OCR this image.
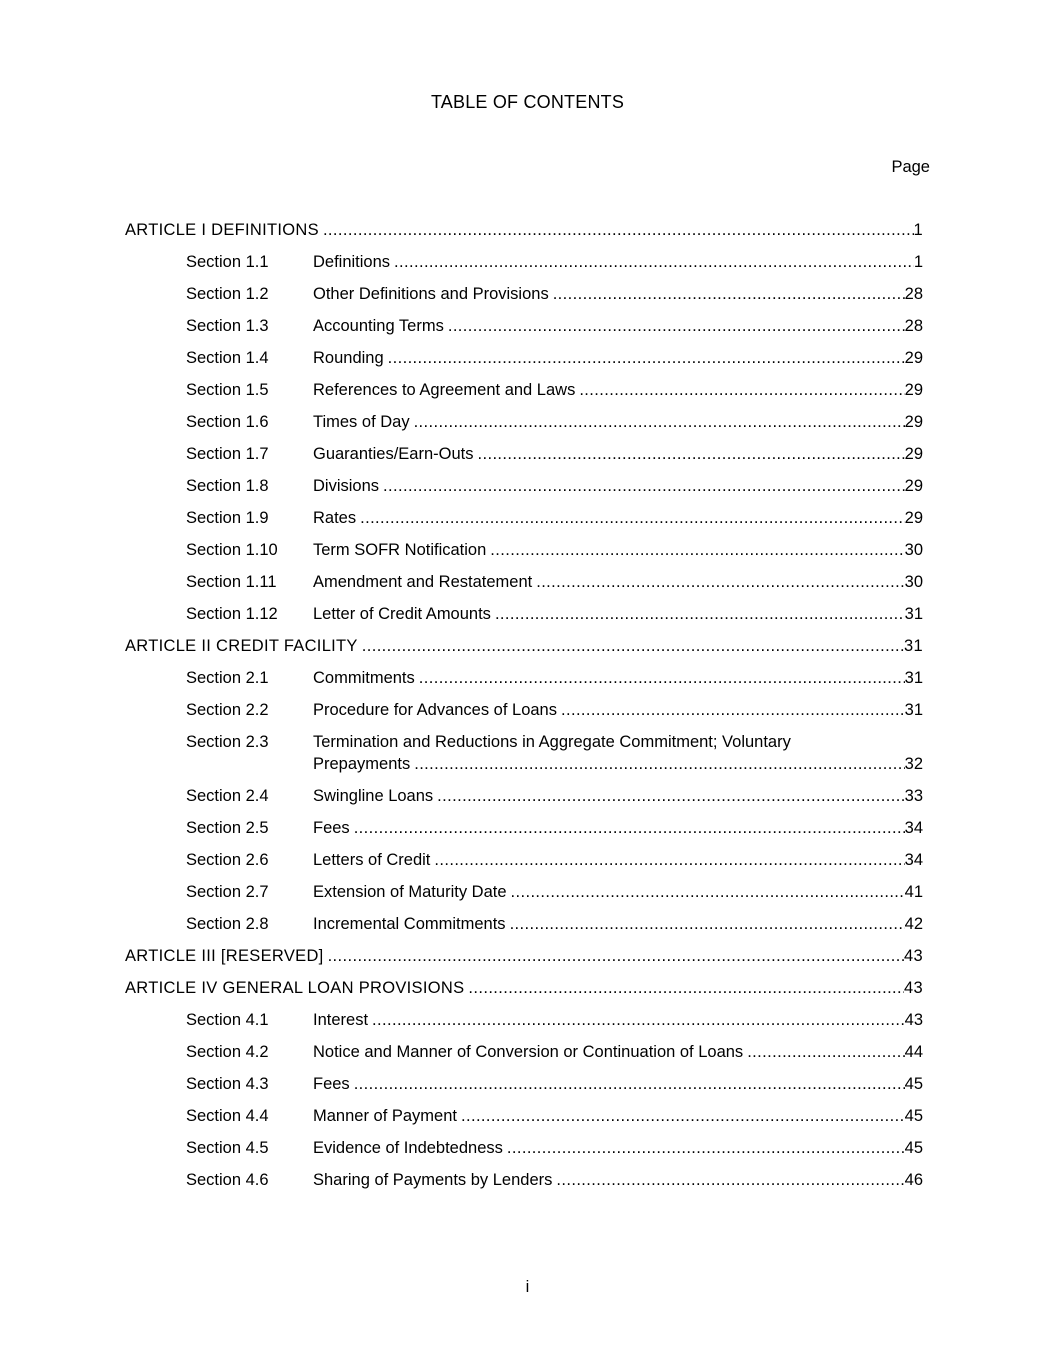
TABLE OF CONTENTS
Page
ARTICLE I DEFINITIONS .....	1
Section 1.1	Definitions .....	1
Section 1.2	Other Definitions and Provisions .....	28
Section 1.3	Accounting Terms .....	28
Section 1.4	Rounding .....	29
Section 1.5	References to Agreement and Laws .....	29
Section 1.6	Times of Day .....	29
Section 1.7	Guaranties/Earn-Outs .....	29
Section 1.8	Divisions .....	29
Section 1.9	Rates .....	29
Section 1.10	Term SOFR Notification .....	30
Section 1.11	Amendment and Restatement .....	30
Section 1.12	Letter of Credit Amounts .....	31
ARTICLE II CREDIT FACILITY .....	31
Section 2.1	Commitments .....	31
Section 2.2	Procedure for Advances of Loans .....	31
Section 2.3	Termination and Reductions in Aggregate Commitment; Voluntary
Prepayments .....	32
Section 2.4	Swingline Loans .....	33
Section 2.5	Fees .....	34
Section 2.6	Letters of Credit .....	34
Section 2.7	Extension of Maturity Date .....	41
Section 2.8	Incremental Commitments .....	42
ARTICLE III [RESERVED] .....	43
ARTICLE IV GENERAL LOAN PROVISIONS .....	43
Section 4.1	Interest .....	43
Section 4.2	Notice and Manner of Conversion or Continuation of Loans .....	44
Section 4.3	Fees .....	45
Section 4.4	Manner of Payment .....	45
Section 4.5	Evidence of Indebtedness .....	45
Section 4.6	Sharing of Payments by Lenders .....	46
i
